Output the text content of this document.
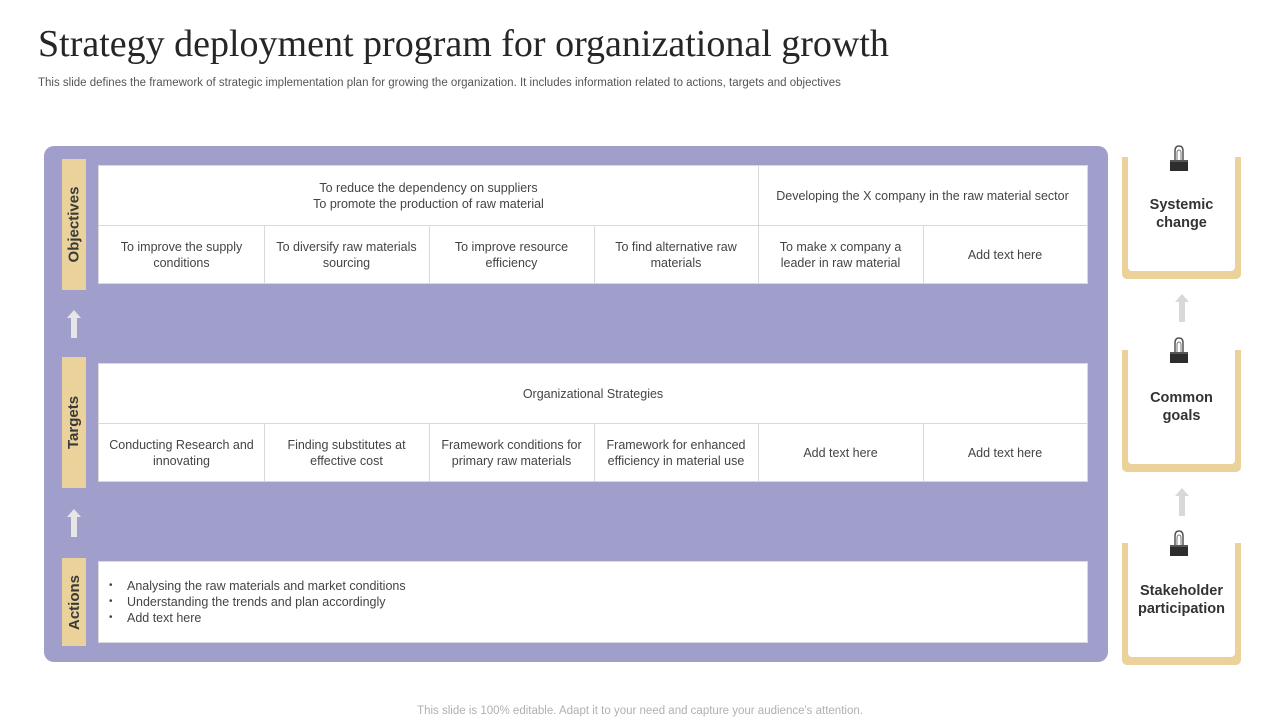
Strategy deployment program for organizational growth
This slide defines the framework of strategic implementation plan for growing the organization. It includes information related to actions, targets and objectives
Objectives
Targets
Actions
To reduce the dependency on suppliers
To promote the production of raw material
Developing the X company in the raw material sector
To improve the supply conditions
To diversify raw materials sourcing
To improve resource efficiency
To find alternative raw materials
To make x company a leader in raw material
Add text here
Organizational Strategies
Conducting Research and innovating
Finding substitutes at effective cost
Framework conditions for primary raw materials
Framework for enhanced efficiency in material use
Add text here	Add text here
• Analysing the raw materials and market conditions
• Understanding the trends and plan accordingly
• Add text here
Systemic change
Common goals
Stakeholder participation
This slide is 100% editable. Adapt it to your need and capture your audience's attention.
